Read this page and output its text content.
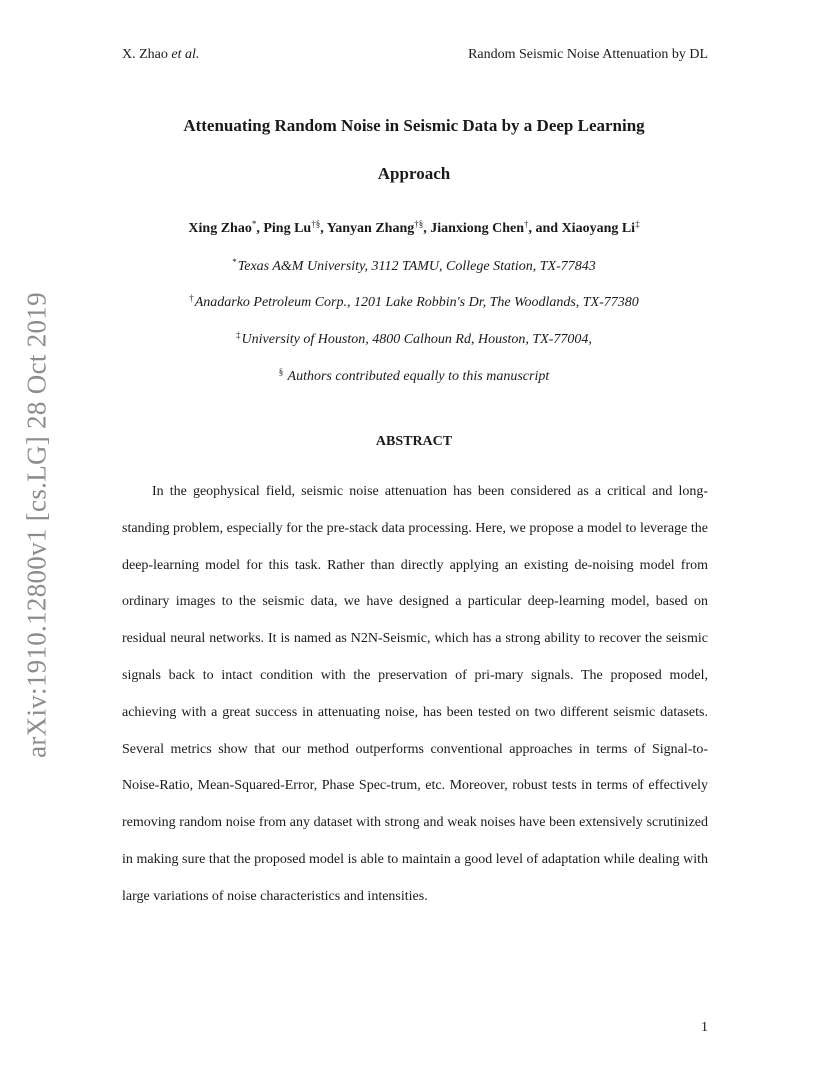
X. Zhao et al.	Random Seismic Noise Attenuation by DL
Attenuating Random Noise in Seismic Data by a Deep Learning
Approach
Xing Zhao*, Ping Lu†§, Yanyan Zhang†§, Jianxiong Chen†, and Xiaoyang Li‡
*Texas A&M University, 3112 TAMU, College Station, TX-77843
†Anadarko Petroleum Corp., 1201 Lake Robbin's Dr, The Woodlands, TX-77380
‡University of Houston, 4800 Calhoun Rd, Houston, TX-77004,
§ Authors contributed equally to this manuscript
ABSTRACT
In the geophysical field, seismic noise attenuation has been considered as a critical and long-standing problem, especially for the pre-stack data processing. Here, we propose a model to leverage the deep-learning model for this task. Rather than directly applying an existing de-noising model from ordinary images to the seismic data, we have designed a particular deep-learning model, based on residual neural networks. It is named as N2N-Seismic, which has a strong ability to recover the seismic signals back to intact condition with the preservation of pri-mary signals. The proposed model, achieving with a great success in attenuating noise, has been tested on two different seismic datasets. Several metrics show that our method outperforms conventional approaches in terms of Signal-to-Noise-Ratio, Mean-Squared-Error, Phase Spec-trum, etc. Moreover, robust tests in terms of effectively removing random noise from any dataset with strong and weak noises have been extensively scrutinized in making sure that the proposed model is able to maintain a good level of adaptation while dealing with large variations of noise characteristics and intensities.
arXiv:1910.12800v1 [cs.LG] 28 Oct 2019
1
